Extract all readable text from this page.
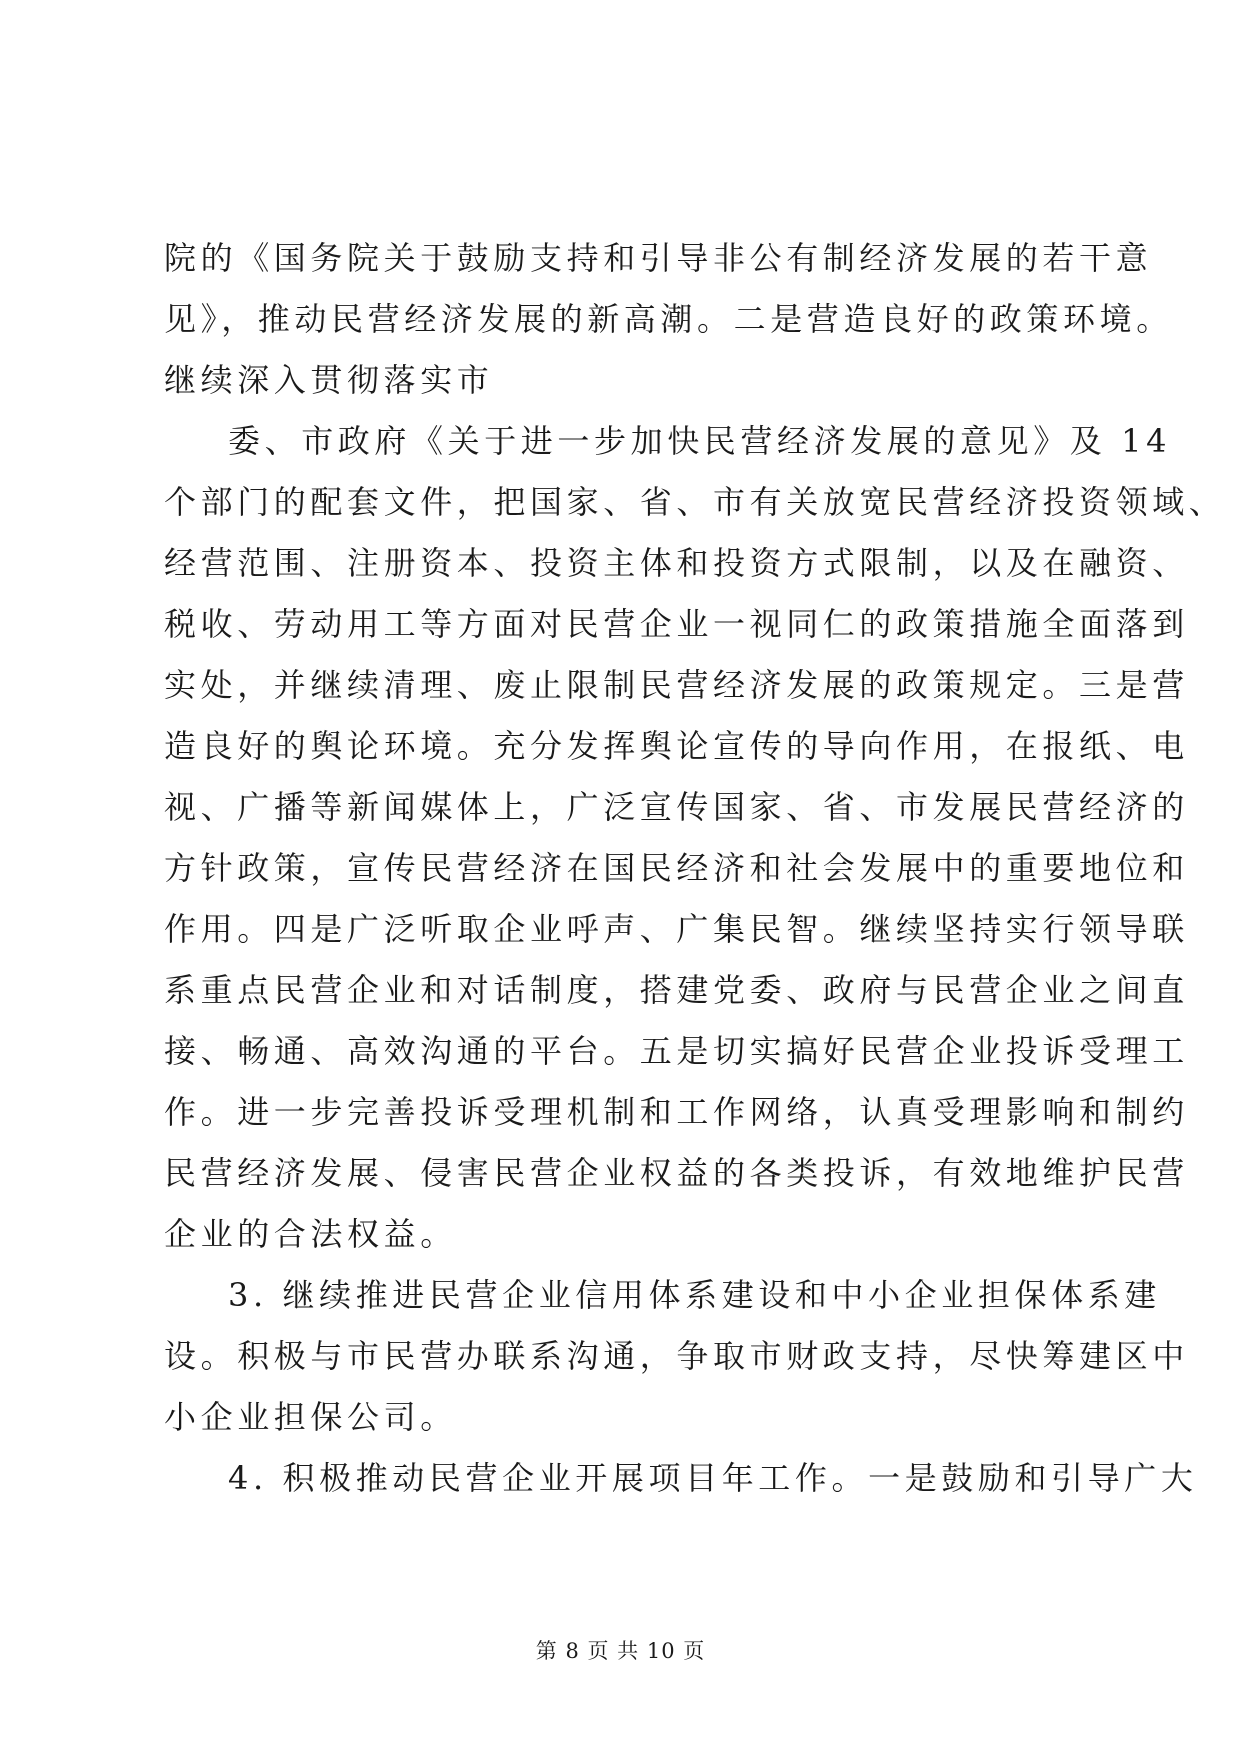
院的《国务院关于鼓励支持和引导非公有制经济发展的若干意
见》，推动民营经济发展的新高潮。二是营造良好的政策环境。
继续深入贯彻落实市

委、市政府《关于进一步加快民营经济发展的意见》及 14
个部门的配套文件，把国家、省、市有关放宽民营经济投资领域、
经营范围、注册资本、投资主体和投资方式限制，以及在融资、
税收、劳动用工等方面对民营企业一视同仁的政策措施全面落到
实处，并继续清理、废止限制民营经济发展的政策规定。三是营
造良好的舆论环境。充分发挥舆论宣传的导向作用，在报纸、电
视、广播等新闻媒体上，广泛宣传国家、省、市发展民营经济的
方针政策，宣传民营经济在国民经济和社会发展中的重要地位和
作用。四是广泛听取企业呼声、广集民智。继续坚持实行领导联
系重点民营企业和对话制度，搭建党委、政府与民营企业之间直
接、畅通、高效沟通的平台。五是切实搞好民营企业投诉受理工
作。进一步完善投诉受理机制和工作网络，认真受理影响和制约
民营经济发展、侵害民营企业权益的各类投诉，有效地维护民营
企业的合法权益。

3. 继续推进民营企业信用体系建设和中小企业担保体系建
设。积极与市民营办联系沟通，争取市财政支持，尽快筹建区中
小企业担保公司。

4. 积极推动民营企业开展项目年工作。一是鼓励和引导广大

第 8 页 共 10 页
